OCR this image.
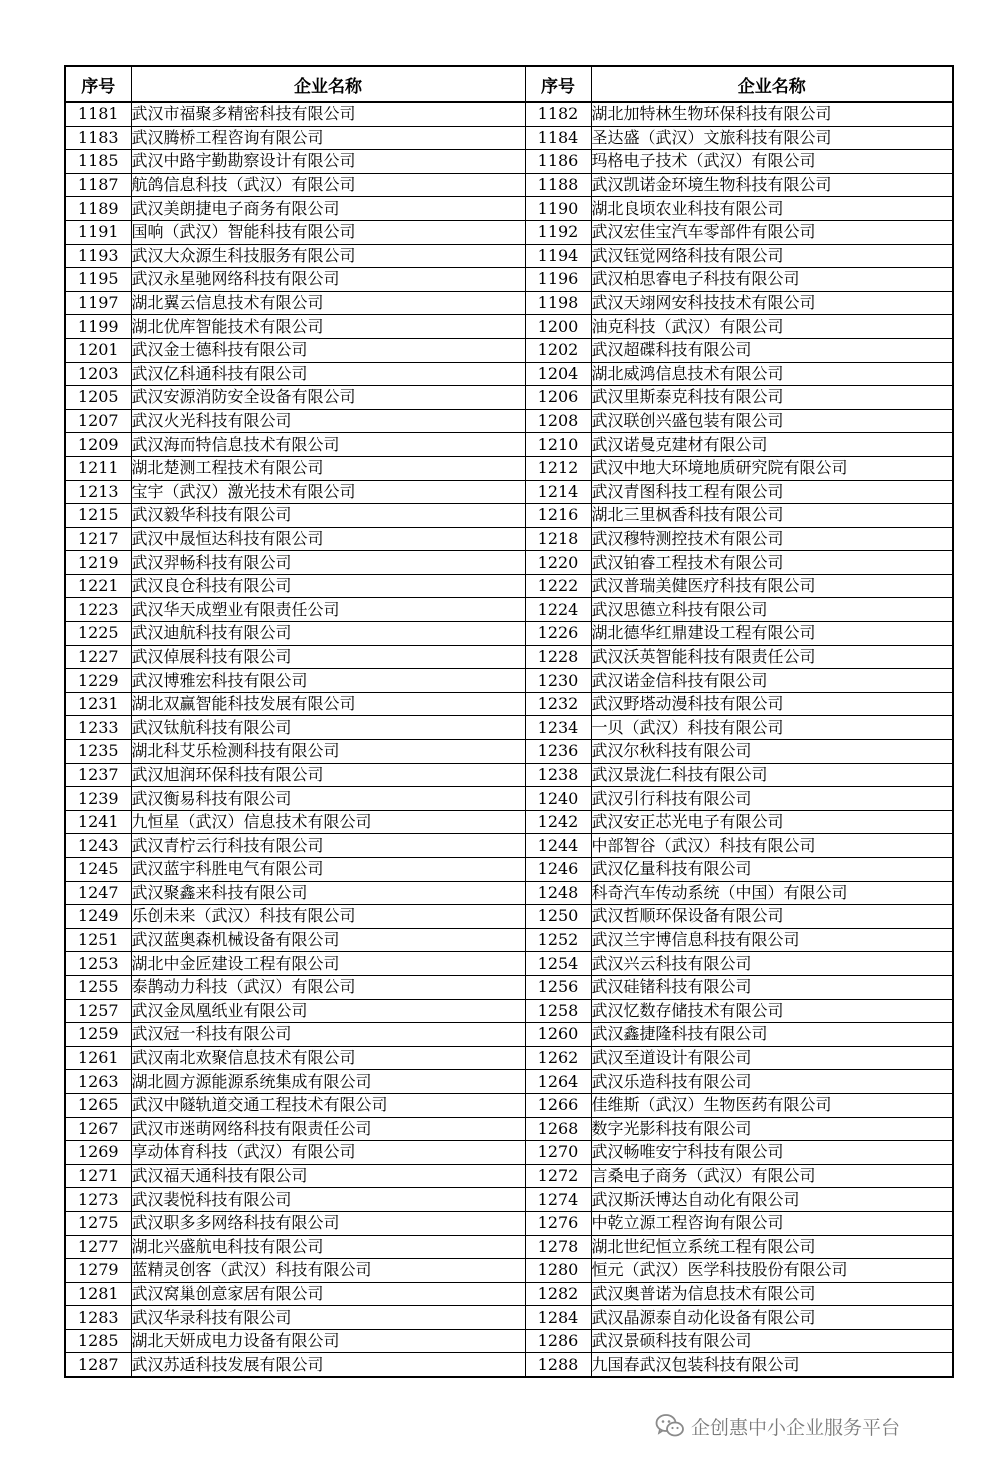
序号	企业名称	序号	企业名称
1181	武汉市福聚多精密科技有限公司	1182	湖北加特林生物环保科技有限公司
1183	武汉腾桥工程咨询有限公司	1184	圣达盛（武汉）文旅科技有限公司
1185	武汉中路宇勤勘察设计有限公司	1186	玛格电子技术（武汉）有限公司
1187	航鸽信息科技（武汉）有限公司	1188	武汉凯诺金环境生物科技有限公司
1189	武汉美朗捷电子商务有限公司	1190	湖北良顷农业科技有限公司
1191	国响（武汉）智能科技有限公司	1192	武汉宏佳宝汽车零部件有限公司
1193	武汉大众源生科技服务有限公司	1194	武汉钰觉网络科技有限公司
1195	武汉永星驰网络科技有限公司	1196	武汉柏思睿电子科技有限公司
1197	湖北翼云信息技术有限公司	1198	武汉天翊网安科技技术有限公司
1199	湖北优库智能技术有限公司	1200	油克科技（武汉）有限公司
1201	武汉金士德科技有限公司	1202	武汉超碟科技有限公司
1203	武汉亿科通科技有限公司	1204	湖北威鸿信息技术有限公司
1205	武汉安源消防安全设备有限公司	1206	武汉里斯泰克科技有限公司
1207	武汉火光科技有限公司	1208	武汉联创兴盛包装有限公司
1209	武汉海而特信息技术有限公司	1210	武汉诺曼克建材有限公司
1211	湖北楚测工程技术有限公司	1212	武汉中地大环境地质研究院有限公司
1213	宝宇（武汉）激光技术有限公司	1214	武汉青图科技工程有限公司
1215	武汉毅华科技有限公司	1216	湖北三里枫香科技有限公司
1217	武汉中晟恒达科技有限公司	1218	武汉穆特测控技术有限公司
1219	武汉羿畅科技有限公司	1220	武汉铂睿工程技术有限公司
1221	武汉良仓科技有限公司	1222	武汉普瑞美健医疗科技有限公司
1223	武汉华天成塑业有限责任公司	1224	武汉思德立科技有限公司
1225	武汉迪航科技有限公司	1226	湖北德华红鼎建设工程有限公司
1227	武汉倬展科技有限公司	1228	武汉沃英智能科技有限责任公司
1229	武汉博雅宏科技有限公司	1230	武汉诺金信科技有限公司
1231	湖北双赢智能科技发展有限公司	1232	武汉野塔动漫科技有限公司
1233	武汉钛航科技有限公司	1234	一贝（武汉）科技有限公司
1235	湖北科艾乐检测科技有限公司	1236	武汉尔秋科技有限公司
1237	武汉旭润环保科技有限公司	1238	武汉景泷仁科技有限公司
1239	武汉衡易科技有限公司	1240	武汉引行科技有限公司
1241	九恒星（武汉）信息技术有限公司	1242	武汉安正芯光电子有限公司
1243	武汉青柠云行科技有限公司	1244	中部智谷（武汉）科技有限公司
1245	武汉蓝宇科胜电气有限公司	1246	武汉亿量科技有限公司
1247	武汉聚鑫来科技有限公司	1248	科奇汽车传动系统（中国）有限公司
1249	乐创未来（武汉）科技有限公司	1250	武汉哲顺环保设备有限公司
1251	武汉蓝奥森机械设备有限公司	1252	武汉兰宇博信息科技有限公司
1253	湖北中金匠建设工程有限公司	1254	武汉兴云科技有限公司
1255	泰鹊动力科技（武汉）有限公司	1256	武汉硅锗科技有限公司
1257	武汉金凤凰纸业有限公司	1258	武汉忆数存储技术有限公司
1259	武汉冠一科技有限公司	1260	武汉鑫捷隆科技有限公司
1261	武汉南北欢聚信息技术有限公司	1262	武汉至道设计有限公司
1263	湖北圆方源能源系统集成有限公司	1264	武汉乐造科技有限公司
1265	武汉中隧轨道交通工程技术有限公司	1266	佳维斯（武汉）生物医药有限公司
1267	武汉市迷萌网络科技有限责任公司	1268	数字光影科技有限公司
1269	享动体育科技（武汉）有限公司	1270	武汉畅唯安宁科技有限公司
1271	武汉福天通科技有限公司	1272	言桑电子商务（武汉）有限公司
1273	武汉裴悦科技有限公司	1274	武汉斯沃博达自动化有限公司
1275	武汉职多多网络科技有限公司	1276	中乾立源工程咨询有限公司
1277	湖北兴盛航电科技有限公司	1278	湖北世纪恒立系统工程有限公司
1279	蓝精灵创客（武汉）科技有限公司	1280	恒元（武汉）医学科技股份有限公司
1281	武汉窝巢创意家居有限公司	1282	武汉奥普诺为信息技术有限公司
1283	武汉华录科技有限公司	1284	武汉晶源泰自动化设备有限公司
1285	湖北天妍成电力设备有限公司	1286	武汉景硕科技有限公司
1287	武汉苏适科技发展有限公司	1288	九国春武汉包装科技有限公司
企创惠中小企业服务平台
